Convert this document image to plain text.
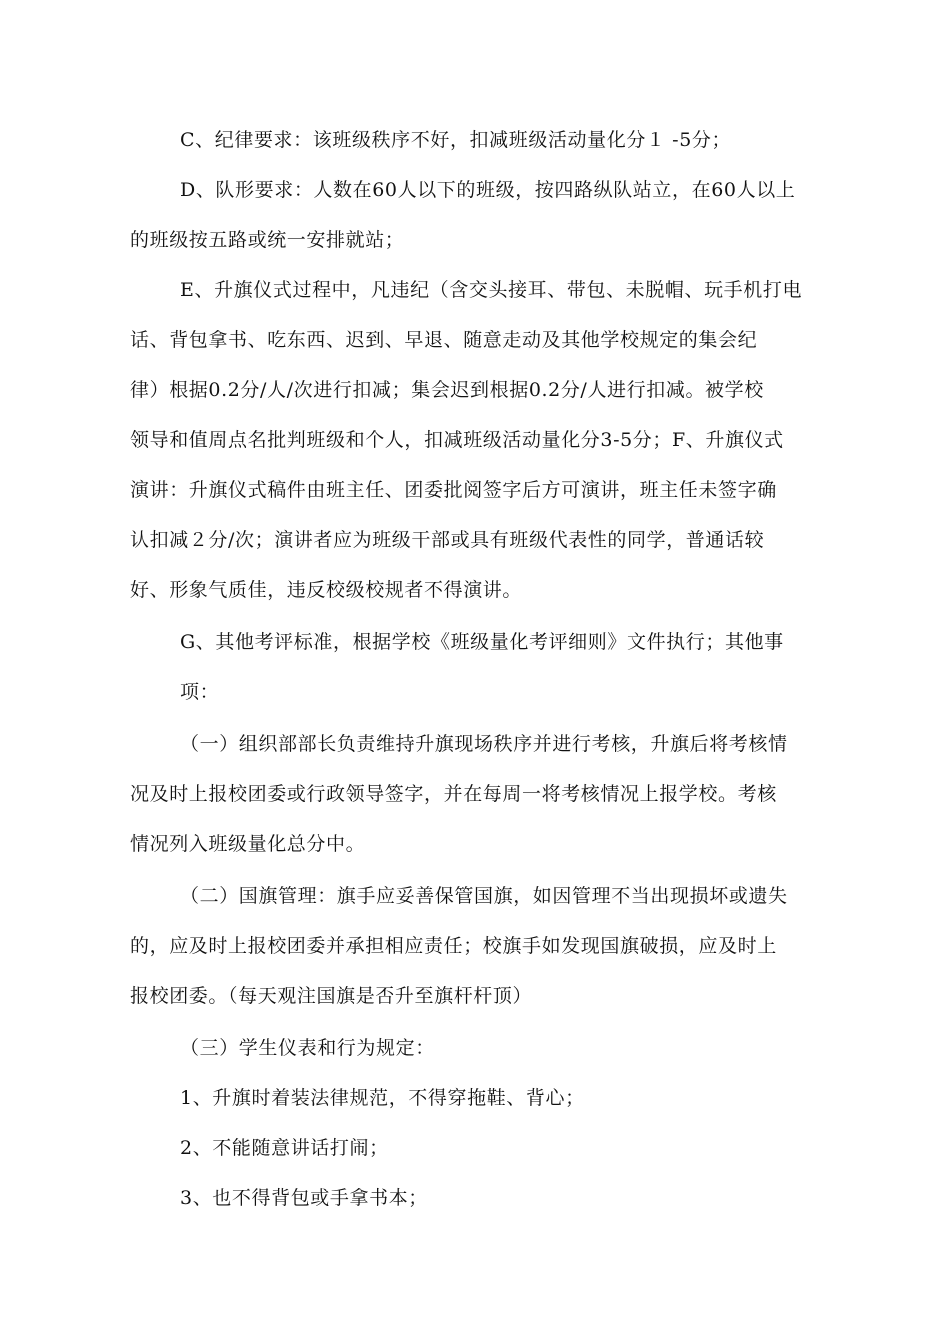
C、纪律要求：该班级秩序不好，扣减班级活动量化分１ -5分；
D、队形要求：人数在60人以下的班级，按四路纵队站立，在60人以上
的班级按五路或统一安排就站；
E、升旗仪式过程中，凡违纪（含交头接耳、带包、未脱帽、玩手机打电
话、背包拿书、吃东西、迟到、早退、随意走动及其他学校规定的集会纪
律）根据0.2分/人/次进行扣减；集会迟到根据0.2分/人进行扣减。被学校
领导和值周点名批判班级和个人，扣减班级活动量化分3-5分；F、升旗仪式
演讲：升旗仪式稿件由班主任、团委批阅签字后方可演讲，班主任未签字确
认扣减２分/次；演讲者应为班级干部或具有班级代表性的同学，普通话较
好、形象气质佳，违反校级校规者不得演讲。
G、其他考评标准，根据学校《班级量化考评细则》文件执行；其他事
项：
（一）组织部部长负责维持升旗现场秩序并进行考核，升旗后将考核情
况及时上报校团委或行政领导签字，并在每周一将考核情况上报学校。考核
情况列入班级量化总分中。
（二）国旗管理：旗手应妥善保管国旗，如因管理不当出现损坏或遗失
的，应及时上报校团委并承担相应责任；校旗手如发现国旗破损，应及时上
报校团委。（每天观注国旗是否升至旗杆杆顶）
（三）学生仪表和行为规定：
1、升旗时着装法律规范，不得穿拖鞋、背心；
2、不能随意讲话打闹；
3、也不得背包或手拿书本；
